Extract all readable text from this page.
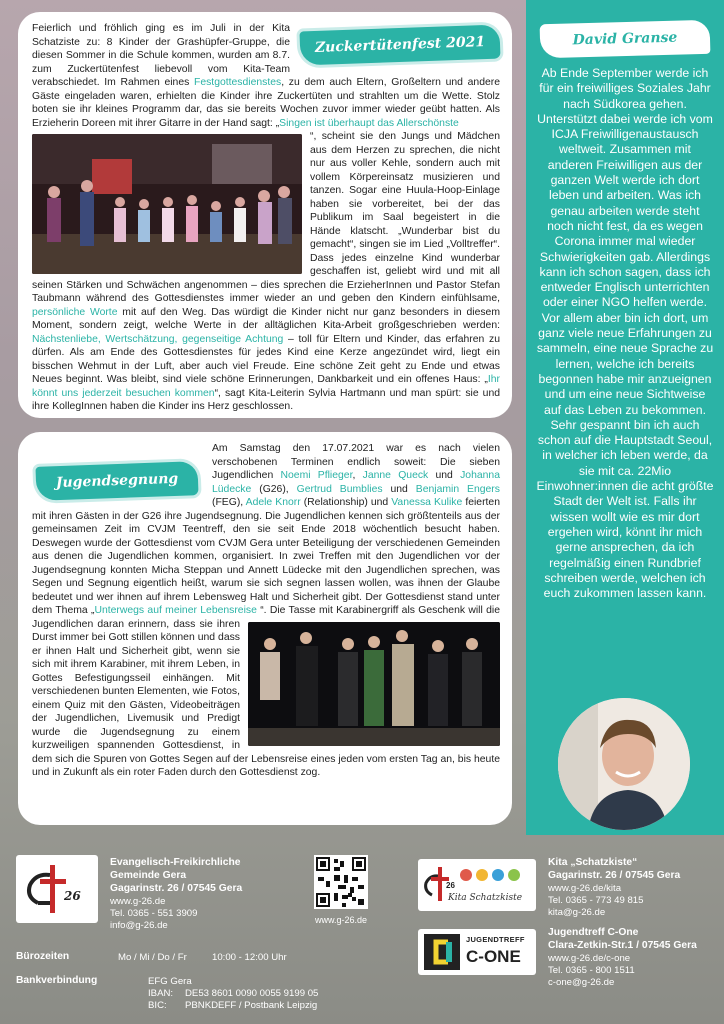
Zuckertütenfest 2021

Feierlich und fröhlich ging es im Juli in der Kita Schatziste zu: 8 Kinder der Grashüpfer-Gruppe, die diesen Sommer in die Schule kommen, wurden am 8.7. zum Zuckertütenfest liebevoll vom Kita-Team verabschiedet. Im Rahmen eines Festgottesdienstes, zu dem auch Eltern, Großeltern und andere Gäste eingeladen waren, erhielten die Kinder ihre Zuckertüten und strahlten um die Wette. Stolz boten sie ihr kleines Programm dar, das sie bereits Wochen zuvor immer wieder geübt hatten. Als Erzieherin Doreen mit ihrer Gitarre in der Hand sagt: „Singen ist überhaupt das Allerschönste

“, scheint sie den Jungs und Mädchen aus dem Herzen zu sprechen, die nicht nur aus voller Kehle, sondern auch mit vollem Körpereinsatz musizieren und tanzen. Sogar eine Huula-Hoop-Einlage haben sie vorbereitet, bei der das Publikum im Saal begeistert in die Hände klatscht. „Wunderbar bist du gemacht“, singen sie im Lied „Volltreffer“. Dass jedes einzelne Kind wunderbar geschaffen ist, geliebt wird und mit all seinen Stärken und Schwächen angenommen – dies sprechen die ErzieherInnen und Pastor Stefan Taubmann während des Gottesdienstes immer wieder an und geben den Kindern einfühlsame, persönliche Worte mit auf den Weg. Das würdigt die Kinder nicht nur ganz besonders in diesem Moment, sondern zeigt, welche Werte in der alltäglichen Kita-Arbeit großgeschrieben werden: Nächstenliebe, Wertschätzung, gegenseitige Achtung – toll für Eltern und Kinder, das erfahren zu dürfen. Als am Ende des Gottesdienstes für jedes Kind eine Kerze angezündet wird, liegt ein bisschen Wehmut in der Luft, aber auch viel Freude. Eine schöne Zeit geht zu Ende und etwas Neues beginnt. Was bleibt, sind viele schöne Erinnerungen, Dankbarkeit und ein offenes Haus: „Ihr könnt uns jederzeit besuchen kommen“, sagt Kita-Leiterin Sylvia Hartmann und man spürt: sie und ihre KollegInnen haben die Kinder ins Herz geschlossen.

Jugendsegnung

Am Samstag den 17.07.2021 war es nach vielen verschobenen Terminen endlich soweit: Die sieben Jugendlichen Noemi Pflieger, Janne Queck und Johanna Lüdecke (G26), Gertrud Bumblies und Benjamin Engers (FEG), Adele Knorr (Relationship) und Vanessa Kulike feierten mit ihren Gästen in der G26 ihre Jugendsegnung. Die Jugendlichen kennen sich größtenteils aus der gemeinsamen Zeit im CVJM Teentreff, den sie seit Ende 2018 wöchentlich besucht haben. Deswegen wurde der Gottesdienst vom CVJM Gera unter Beteiligung der verschiedenen Gemeinden aus denen die Jugendlichen kommen, organisiert. In zwei Treffen mit den Jugendlichen vor der Jugendsegnung konnten Micha Steppan und Annett Lüdecke mit den Jugendlichen sprechen, was Segen und Segnung eigentlich heißt, warum sie sich segnen lassen wollen, was ihnen der Glaube bedeutet und wer ihnen auf ihrem Lebensweg Halt und Sicherheit gibt. Der Gottesdienst stand unter dem Thema „Unterwegs auf meiner Lebensreise “. Die Tasse mit Karabinergriff als Geschenk will die Jugendlichen daran erinnern, dass sie ihren Durst immer bei Gott stillen können und dass er ihnen Halt und Sicherheit gibt, wenn sie sich mit ihrem Karabiner, mit ihrem Leben, in Gottes Befestigungsseil einhängen. Mit verschiedenen bunten Elementen, wie Fotos, einem Quiz mit den Gästen, Videobeiträgen der Jugendlichen, Livemusik und Predigt wurde die Jugendsegnung zu einem kurzweiligen spannenden Gottesdienst, in dem sich die Spuren von Gottes Segen auf der Lebensreise eines jeden vom ersten Tag an, bis heute und in Zukunft als ein roter Faden durch den Gottesdienst zog.

David Granse
Ab Ende September werde ich für ein freiwilliges Soziales Jahr nach Südkorea gehen. Unterstützt dabei werde ich vom ICJA Freiwilligenaustausch weltweit. Zusammen mit anderen Freiwilligen aus der ganzen Welt werde ich dort leben und arbeiten. Was ich genau arbeiten werde steht noch nicht fest, da es wegen Corona immer mal wieder Schwierigkeiten gab. Allerdings kann ich schon sagen, dass ich entweder Englisch unterrichten oder einer NGO helfen werde. Vor allem aber bin ich dort, um ganz viele neue Erfahrungen zu sammeln, eine neue Sprache zu lernen, welche ich bereits begonnen habe mir anzueignen und um eine neue Sichtweise auf das Leben zu bekommen. Sehr gespannt bin ich auch schon auf die Hauptstadt Seoul, in welcher ich leben werde, da sie mit ca. 22Mio Einwohner:innen die acht größte Stadt der Welt ist. Falls ihr wissen wollt wie es mir dort ergehen wird, könnt ihr mich gerne ansprechen, da ich regelmäßig einen Rundbrief schreiben werde, welchen ich euch zukommen lassen kann.
26
Evangelisch-Freikirchliche
Gemeinde Gera
Gagarinstr. 26 / 07545 Gera
www.g-26.de
Tel. 0365 - 551 3909
info@g-26.de	www.g-26.de
26
Kita Schatzkiste
Kita „Schatzkiste“
Gagarinstr. 26 / 07545 Gera
www.g-26.de/kita
Tel. 0365 - 773 49 815
kita@g-26.de
JUGENDTREFF
C-ONE
Jugendtreff C-One
Clara-Zetkin-Str.1 / 07545 Gera
www.g-26.de/c-one
Tel. 0365 - 800 1511
c-one@g-26.de
Bürozeiten	Mo / Mi / Do / Fr	10:00 - 12:00 Uhr
Bankverbindung	EFG Gera
IBAN: DE53 8601 0090 0055 9199 05
BIC: PBNKDEFF / Postbank Leipzig
